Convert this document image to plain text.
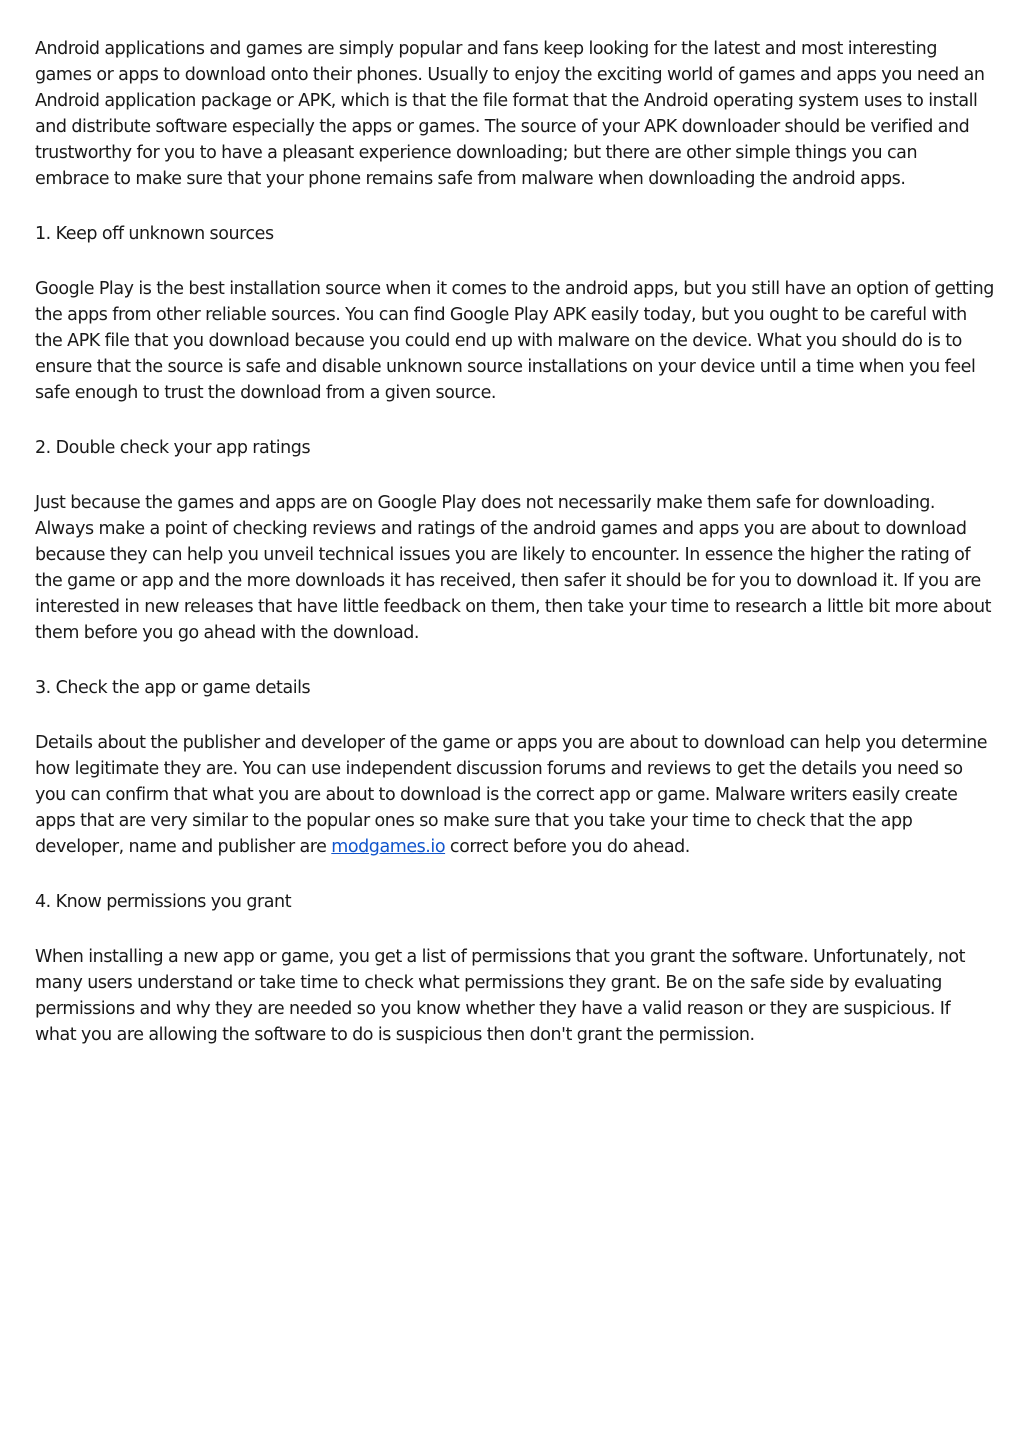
Android applications and games are simply popular and fans keep looking for the latest and most interesting games or apps to download onto their phones. Usually to enjoy the exciting world of games and apps you need an Android application package or APK, which is that the file format that the Android operating system uses to install and distribute software especially the apps or games. The source of your APK downloader should be verified and trustworthy for you to have a pleasant experience downloading; but there are other simple things you can embrace to make sure that your phone remains safe from malware when downloading the android apps.

1. Keep off unknown sources

Google Play is the best installation source when it comes to the android apps, but you still have an option of getting the apps from other reliable sources. You can find Google Play APK easily today, but you ought to be careful with the APK file that you download because you could end up with malware on the device. What you should do is to ensure that the source is safe and disable unknown source installations on your device until a time when you feel safe enough to trust the download from a given source.

2. Double check your app ratings

Just because the games and apps are on Google Play does not necessarily make them safe for downloading. Always make a point of checking reviews and ratings of the android games and apps you are about to download because they can help you unveil technical issues you are likely to encounter. In essence the higher the rating of the game or app and the more downloads it has received, then safer it should be for you to download it. If you are interested in new releases that have little feedback on them, then take your time to research a little bit more about them before you go ahead with the download.

3. Check the app or game details

Details about the publisher and developer of the game or apps you are about to download can help you determine how legitimate they are. You can use independent discussion forums and reviews to get the details you need so you can confirm that what you are about to download is the correct app or game. Malware writers easily create apps that are very similar to the popular ones so make sure that you take your time to check that the app developer, name and publisher are modgames.io correct before you do ahead.

4. Know permissions you grant

When installing a new app or game, you get a list of permissions that you grant the software. Unfortunately, not many users understand or take time to check what permissions they grant. Be on the safe side by evaluating permissions and why they are needed so you know whether they have a valid reason or they are suspicious. If what you are allowing the software to do is suspicious then don't grant the permission.
